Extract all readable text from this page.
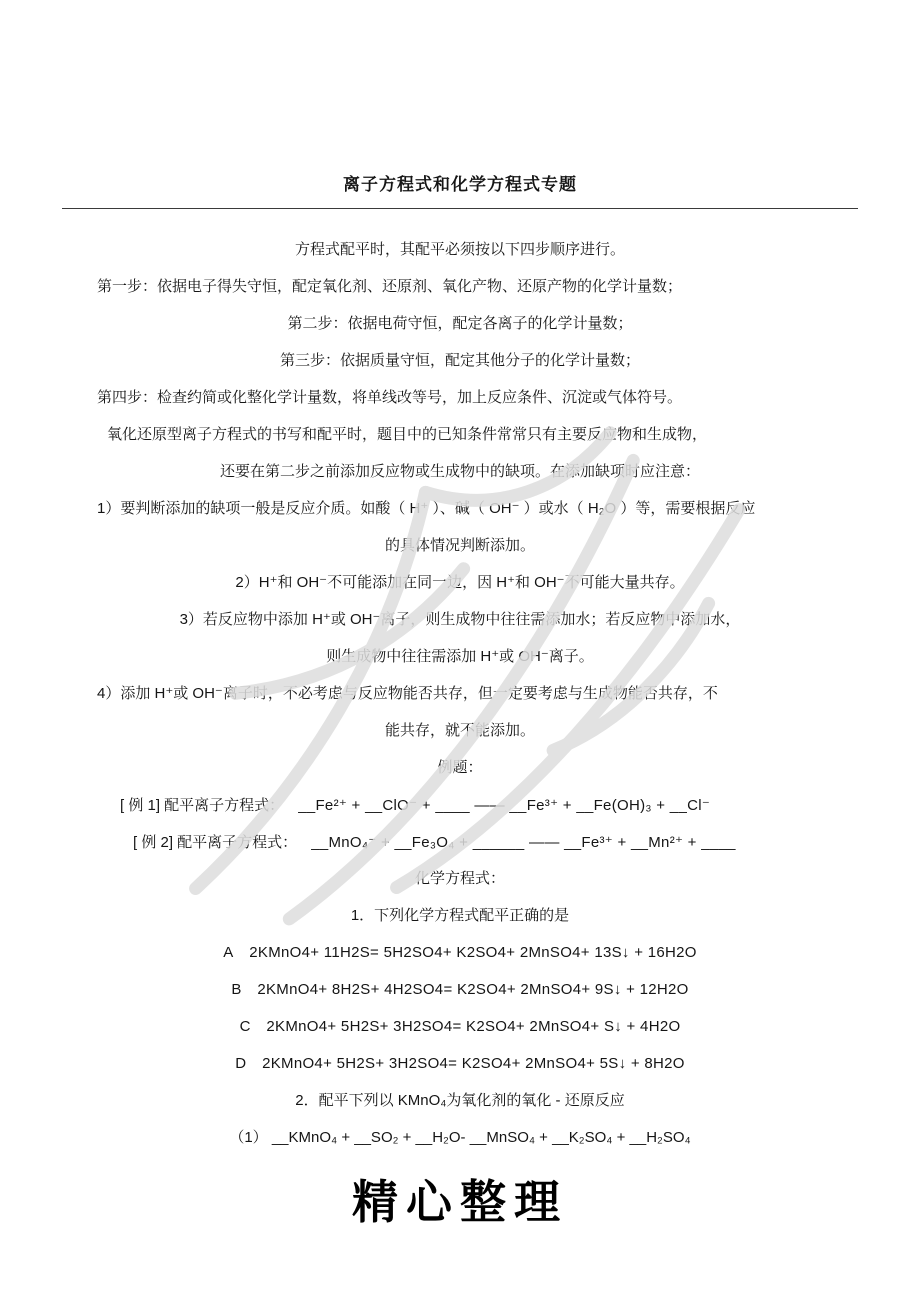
离子方程式和化学方程式专题
方程式配平时，其配平必须按以下四步顺序进行。
第一步：依据电子得失守恒，配定氧化剂、还原剂、氧化产物、还原产物的化学计量数；
第二步：依据电荷守恒，配定各离子的化学计量数；
第三步：依据质量守恒，配定其他分子的化学计量数；
第四步：检查约简或化整化学计量数，将单线改等号，加上反应条件、沉淀或气体符号。
氧化还原型离子方程式的书写和配平时，题目中的已知条件常常只有主要反应物和生成物，
还要在第二步之前添加反应物或生成物中的缺项。在添加缺项时应注意：
1）要判断添加的缺项一般是反应介质。如酸（ H⁺ ）、碱（ OH⁻ ）或水（ H₂O ）等，需要根据反应
的具体情况判断添加。
2）H⁺和 OH⁻不可能添加在同一边，因 H⁺和 OH⁻不可能大量共存。
3）若反应物中添加 H⁺或 OH⁻离子，则生成物中往往需添加水；若反应物中添加水，
则生成物中往往需添加 H⁺或 OH⁻离子。
4）添加 H⁺或 OH⁻离子时，不必考虑与反应物能否共存，但一定要考虑与生成物能否共存，不
能共存，就不能添加。
例题：
[ 例 1] 配平离子方程式： __Fe²⁺ + __ClO⁻ + ____ —— __Fe³⁺ + __Fe(OH)₃ + __Cl⁻
[ 例 2] 配平离子方程式： __MnO₄⁻ + __Fe₃O₄ + ______ —— __Fe³⁺ + __Mn²⁺ + ____
化学方程式：
1．下列化学方程式配平正确的是
A 2KMnO4+ 11H2S= 5H2SO4+ K2SO4+ 2MnSO4+ 13S↓ + 16H2O
B 2KMnO4+ 8H2S+ 4H2SO4= K2SO4+ 2MnSO4+ 9S↓ + 12H2O
C 2KMnO4+ 5H2S+ 3H2SO4= K2SO4+ 2MnSO4+ S↓ + 4H2O
D 2KMnO4+ 5H2S+ 3H2SO4= K2SO4+ 2MnSO4+ 5S↓ + 8H2O
2．配平下列以 KMnO₄为氧化剂的氧化 - 还原反应
（1） __KMnO₄ + __SO₂ + __H₂O- __MnSO₄ + __K₂SO₄ + __H₂SO₄
精心整理
